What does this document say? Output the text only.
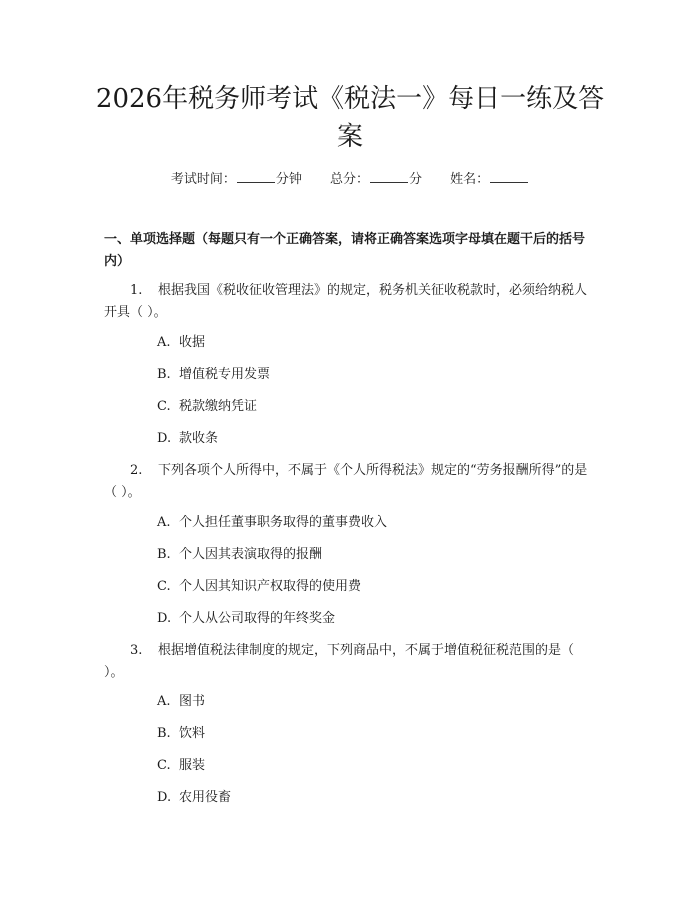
2026年税务师考试《税法一》每日一练及答案
考试时间：	分钟 总分：	分 姓名：

一、单项选择题（每题只有一个正确答案，请将正确答案选项字母填在题干后的括号内）

1. 根据我国《税收征收管理法》的规定，税务机关征收税款时，必须给纳税人开具（ ）。

A. 收据

B. 增值税专用发票

C. 税款缴纳凭证

D. 款收条

2. 下列各项个人所得中，不属于《个人所得税法》规定的“劳务报酬所得”的是（ ）。

A. 个人担任董事职务取得的董事费收入

B. 个人因其表演取得的报酬

C. 个人因其知识产权取得的使用费

D. 个人从公司取得的年终奖金

3. 根据增值税法律制度的规定，下列商品中，不属于增值税征税范围的是（ ）。

A. 图书

B. 饮料

C. 服装

D. 农用役畜
